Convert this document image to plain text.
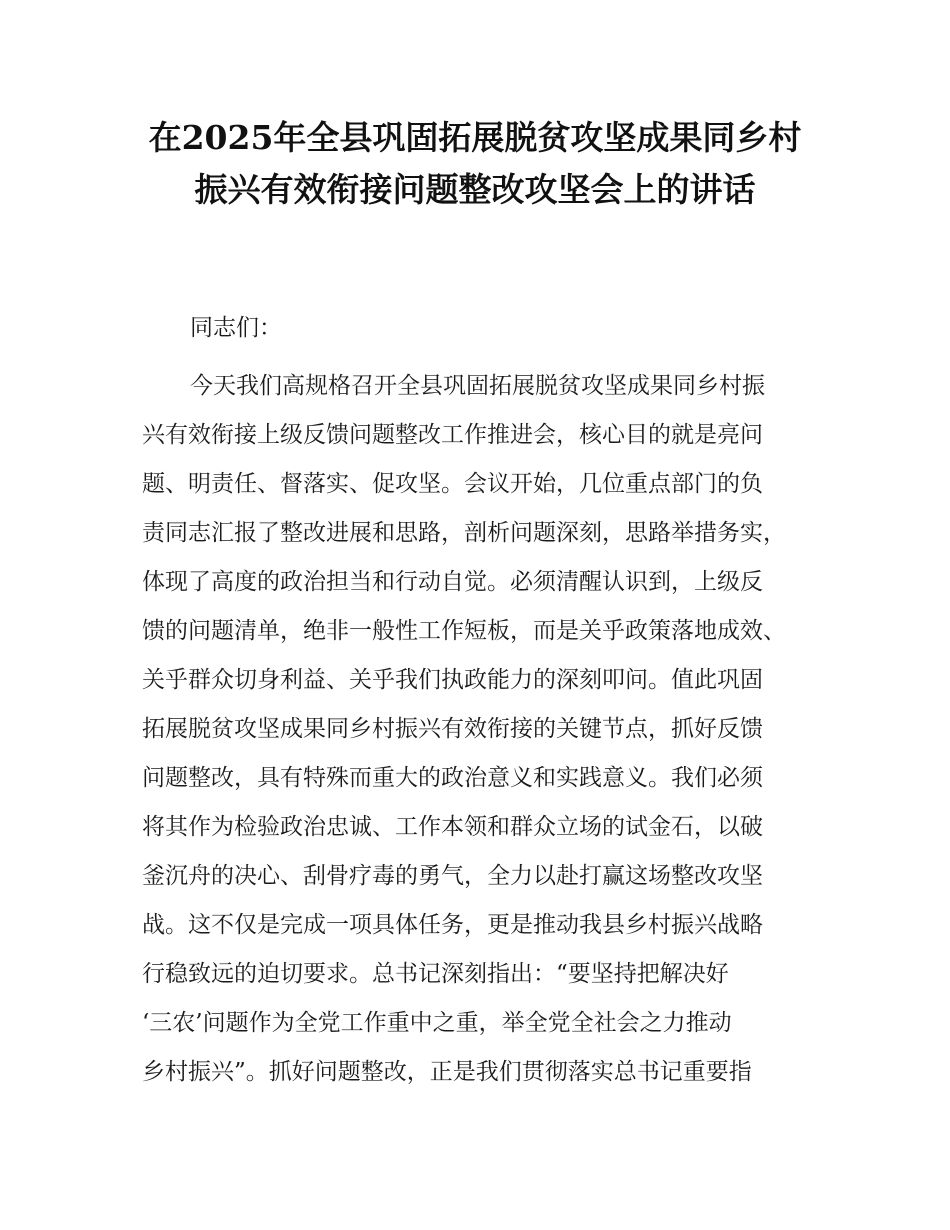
在2025年全县巩固拓展脱贫攻坚成果同乡村
振兴有效衔接问题整改攻坚会上的讲话
同志们：
今天我们高规格召开全县巩固拓展脱贫攻坚成果同乡村振
兴有效衔接上级反馈问题整改工作推进会，核心目的就是亮问
题、明责任、督落实、促攻坚。会议开始，几位重点部门的负
责同志汇报了整改进展和思路，剖析问题深刻，思路举措务实，
体现了高度的政治担当和行动自觉。必须清醒认识到，上级反
馈的问题清单，绝非一般性工作短板，而是关乎政策落地成效、
关乎群众切身利益、关乎我们执政能力的深刻叩问。值此巩固
拓展脱贫攻坚成果同乡村振兴有效衔接的关键节点，抓好反馈
问题整改，具有特殊而重大的政治意义和实践意义。我们必须
将其作为检验政治忠诚、工作本领和群众立场的试金石，以破
釜沉舟的决心、刮骨疗毒的勇气，全力以赴打赢这场整改攻坚
战。这不仅是完成一项具体任务，更是推动我县乡村振兴战略
行稳致远的迫切要求。总书记深刻指出：“要坚持把解决好
‘三农’问题作为全党工作重中之重，举全党全社会之力推动
乡村振兴”。抓好问题整改，正是我们贯彻落实总书记重要指
